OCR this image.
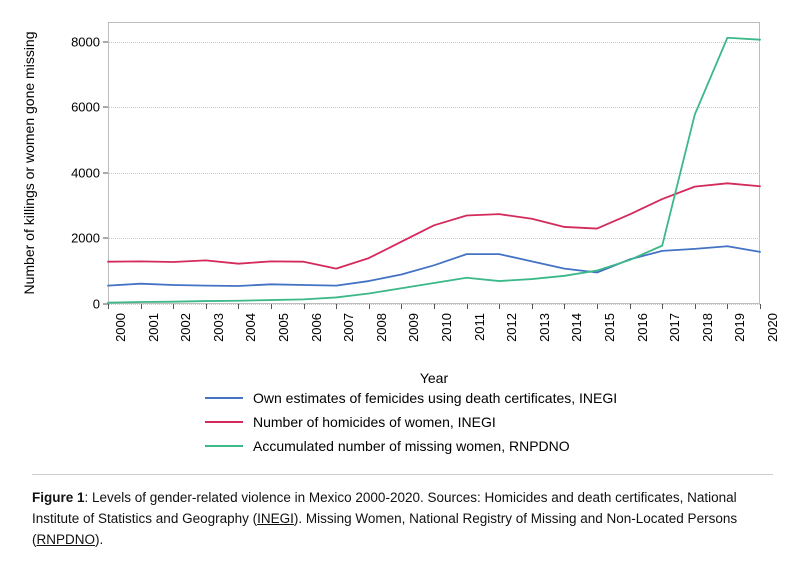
Number of killings or women gone missing
0
2000
4000
6000
8000
2000 2001 2002 2003 2004 2005 2006 2007 2008 2009 2010 2011 2012 2013 2014 2015 2016 2017 2018 2019 2020
Year
Own estimates of femicides using death certificates, INEGI
Number of homicides of women, INEGI
Accumulated number of missing women, RNPDNO
Figure 1: Levels of gender-related violence in Mexico 2000-2020. Sources: Homicides and death certificates, National Institute of Statistics and Geography (INEGI). Missing Women, National Registry of Missing and Non-Located Persons (RNPDNO).
